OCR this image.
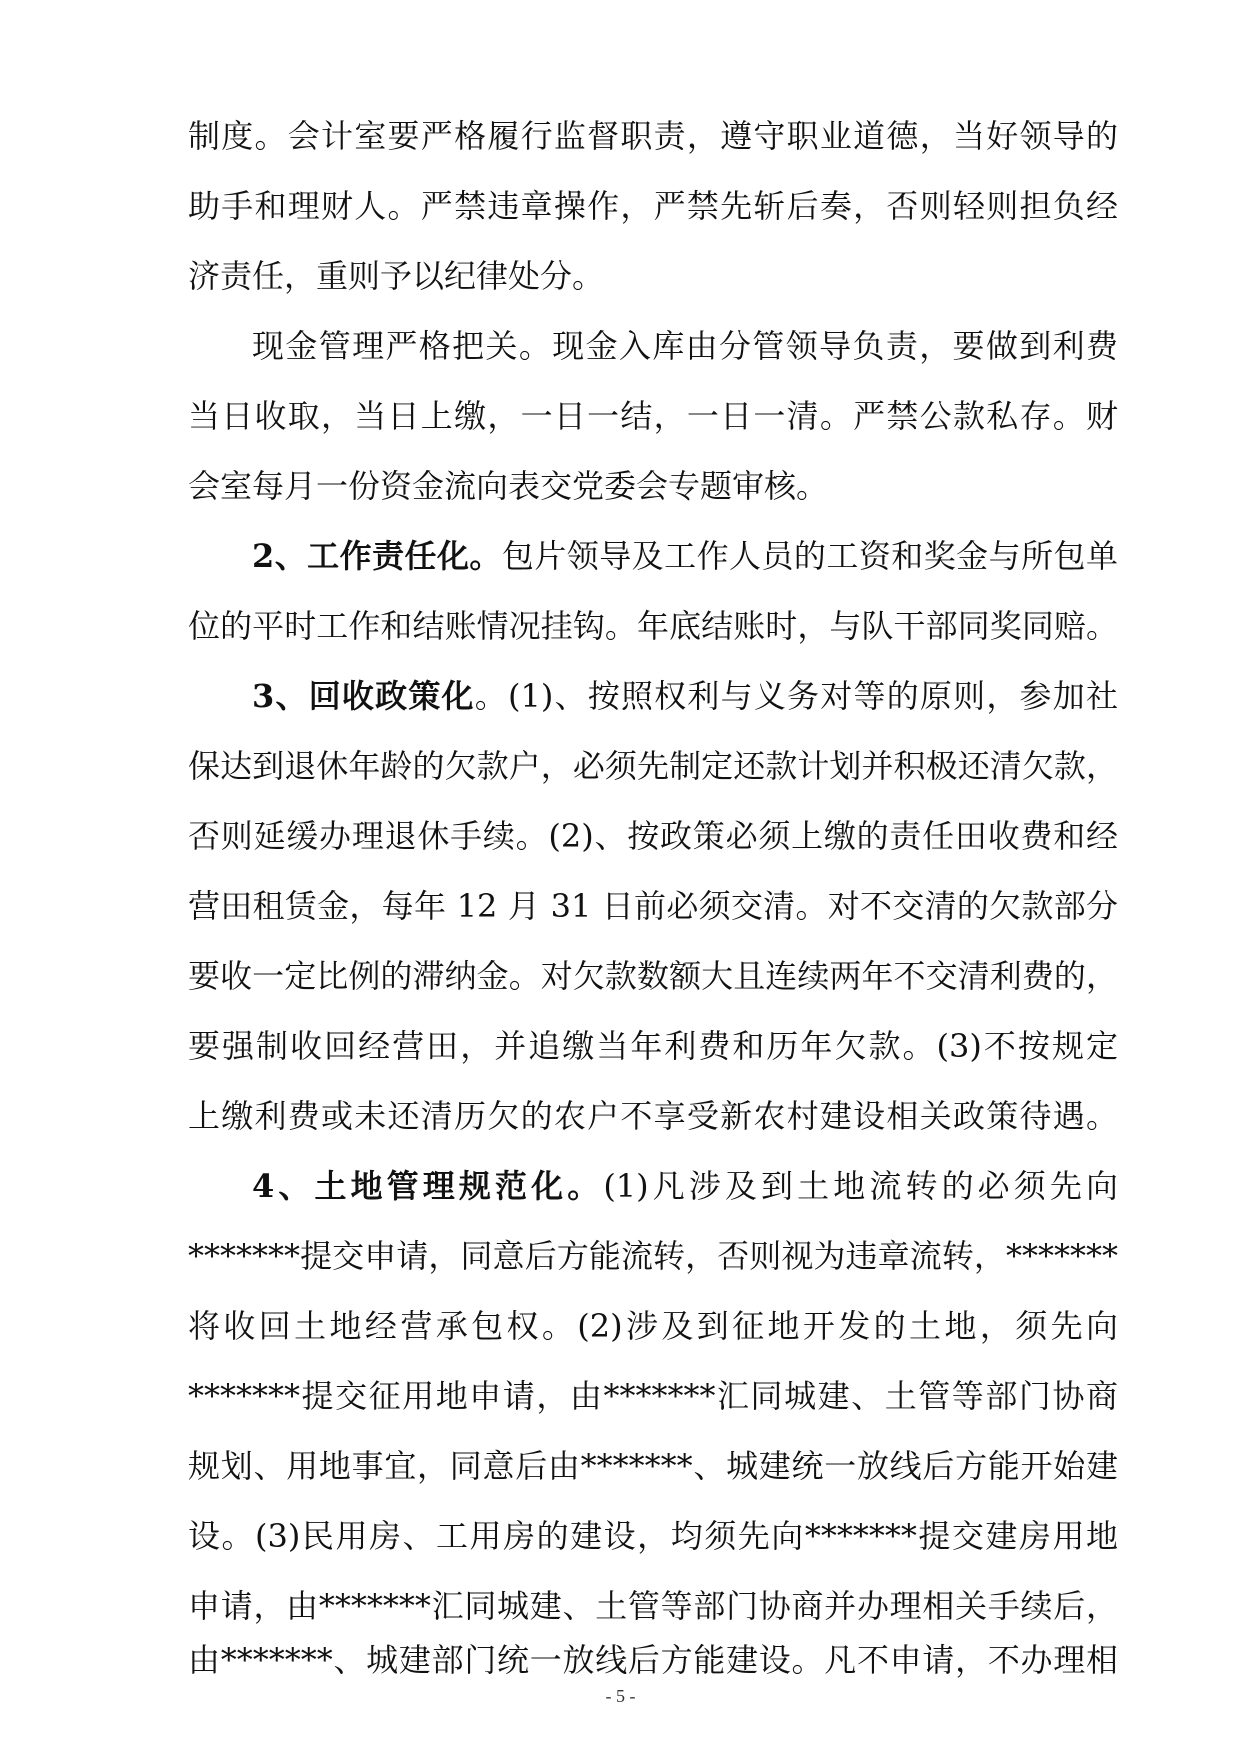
制度。会计室要严格履行监督职责，遵守职业道德，当好领导的
助手和理财人。严禁违章操作，严禁先斩后奏，否则轻则担负经
济责任，重则予以纪律处分。
现金管理严格把关。现金入库由分管领导负责，要做到利费
当日收取，当日上缴，一日一结，一日一清。严禁公款私存。财
会室每月一份资金流向表交党委会专题审核。
2、工作责任化。包片领导及工作人员的工资和奖金与所包单
位的平时工作和结账情况挂钩。年底结账时，与队干部同奖同赔。
3、回收政策化。(1)、按照权利与义务对等的原则，参加社
保达到退休年龄的欠款户，必须先制定还款计划并积极还清欠款，
否则延缓办理退休手续。(2)、按政策必须上缴的责任田收费和经
营田租赁金，每年 12 月 31 日前必须交清。对不交清的欠款部分
要收一定比例的滞纳金。对欠款数额大且连续两年不交清利费的，
要强制收回经营田，并追缴当年利费和历年欠款。(3)不按规定
上缴利费或未还清历欠的农户不享受新农村建设相关政策待遇。
4、土地管理规范化。(1)凡涉及到土地流转的必须先向
*******提交申请，同意后方能流转，否则视为违章流转，*******
将收回土地经营承包权。(2)涉及到征地开发的土地，须先向
*******提交征用地申请，由*******汇同城建、土管等部门协商
规划、用地事宜，同意后由*******、城建统一放线后方能开始建
设。(3)民用房、工用房的建设，均须先向*******提交建房用地
申请，由*******汇同城建、土管等部门协商并办理相关手续后，
由*******、城建部门统一放线后方能建设。凡不申请，不办理相
- 5 -
